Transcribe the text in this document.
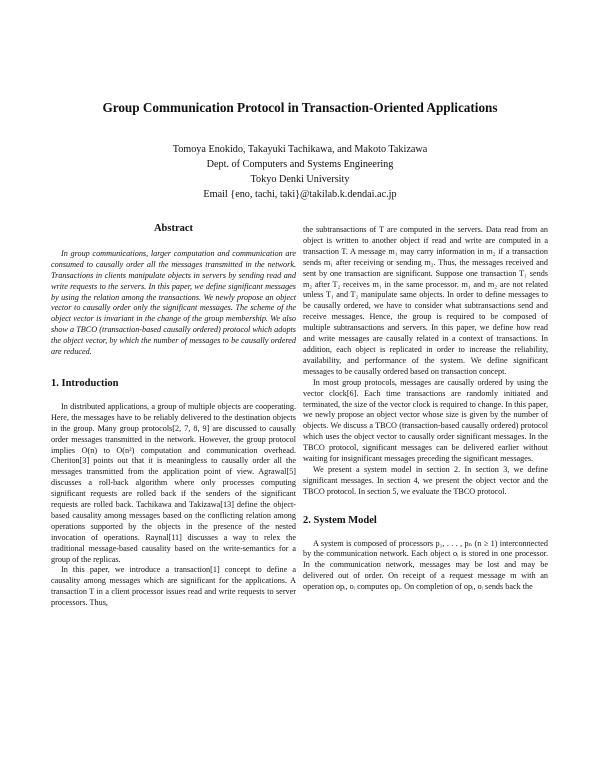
Group Communication Protocol in Transaction-Oriented Applications
Tomoya Enokido, Takayuki Tachikawa, and Makoto Takizawa
Dept. of Computers and Systems Engineering
Tokyo Denki University
Email {eno, tachi, taki}@takilab.k.dendai.ac.jp
Abstract

In group communications, larger computation and communication are consumed to causally order all the messages transmitted in the network. Transactions in clients manipulate objects in servers by sending read and write requests to the servers. In this paper, we define significant messages by using the relation among the transactions. We newly propose an object vector to causally order only the significant messages. The scheme of the object vector is invariant in the change of the group membership. We also show a TBCO (transaction-based causally ordered) protocol which adopts the object vector, by which the number of messages to be causally ordered are reduced.

1. Introduction

In distributed applications, a group of multiple objects are cooperating. Here, the messages have to be reliably delivered to the destination objects in the group. Many group protocols[2, 7, 8, 9] are discussed to causally order messages transmitted in the network. However, the group protocol implies O(n) to O(n²) computation and communication overhead. Cheriton[3] points out that it is meaningless to causally order all the messages transmitted from the application point of view. Agrawal[5] discusses a roll-back algorithm where only processes computing significant requests are rolled back if the senders of the significant requests are rolled back. Tachikawa and Takizawa[13] define the object-based causality among messages based on the conflicting relation among operations supported by the objects in the presence of the nested invocation of operations. Raynal[11] discusses a way to relex the traditional message-based causality based on the write-semantics for a group of the replicas.

In this paper, we introduce a transaction[1] concept to define a causality among messages which are significant for the applications. A transaction T in a client processor issues read and write requests to server processors. Thus,

the subtransactions of T are computed in the servers. Data read from an object is written to another object if read and write are computed in a transaction T. A message m₁ may carry information in m₂ if a transaction sends m₁ after receiving or sending m₂. Thus, the messages received and sent by one transaction are significant. Suppose one transaction T₁ sends m₂ after T₂ receives m₁ in the same processor. m₁ and m₂ are not related unless T₁ and T₂ manipulate same objects. In order to define messages to be causally ordered, we have to consider what subtransactions send and receive messages. Hence, the group is required to be composed of multiple subtransactions and servers. In this paper, we define how read and write messages are causally related in a context of transactions. In addition, each object is replicated in order to increase the reliability, availability, and performance of the system. We define significant messages to be causally ordered based on transaction concept.

In most group protocols, messages are causally ordered by using the vector clock[6]. Each time transactions are randomly initiated and terminated, the size of the vector clock is required to change. In this paper, we newly propose an object vector whose size is given by the number of objects. We discuss a TBCO (transaction-based causally ordered) protocol which uses the object vector to causally order significant messages. In the TBCO protocol, significant messages can be delivered earlier without waiting for insignificant messages preceding the significant messages.

We present a system model in section 2. In section 3, we define significant messages. In section 4, we present the object vector and the TBCO protocol. In section 5, we evaluate the TBCO protocol.

2. System Model

A system is composed of processors p₁, . . . , pₙ (n ≥ 1) interconnected by the communication network. Each object oᵢ is stored in one processor. In the communication network, messages may be lost and may be delivered out of order. On receipt of a request message m with an operation opᵢ, oᵢ computes opᵢ. On completion of opᵢ, oᵢ sends back the
